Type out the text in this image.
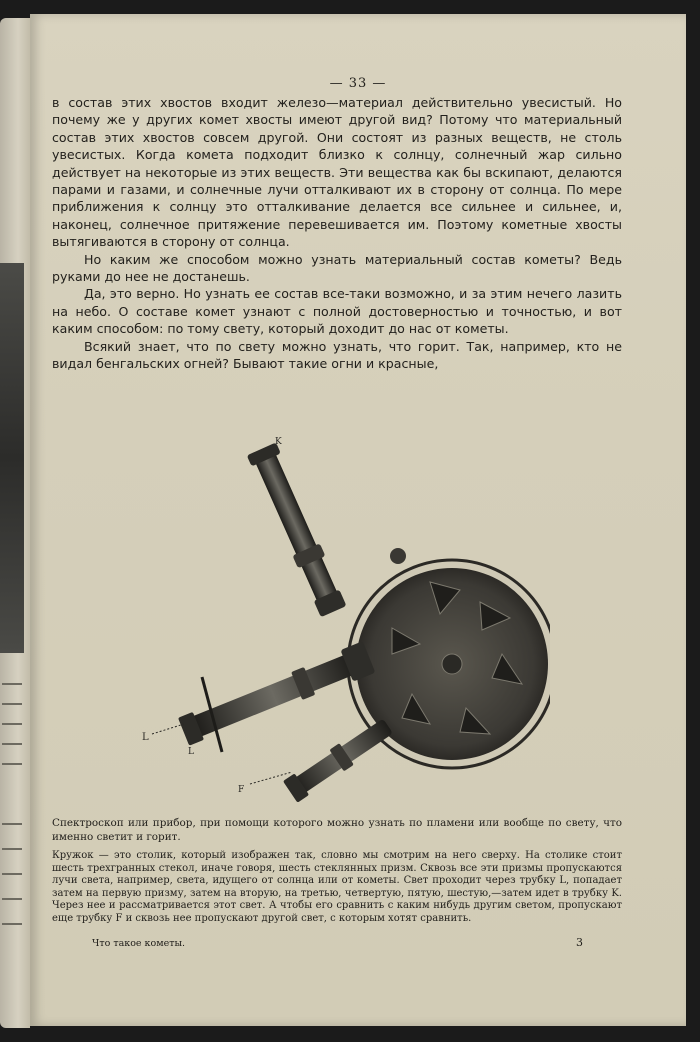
— 33 —

в состав этих хвостов входит железо—материал действительно увесистый. Но почему же у других комет хвосты имеют другой вид? Потому что материальный состав этих хвостов совсем другой. Они состоят из разных веществ, не столь увесистых. Когда комета подходит близко к солнцу, солнечный жар сильно действует на некоторые из этих веществ. Эти вещества как бы вскипают, делаются парами и газами, и солнечные лучи отталкивают их в сторону от солнца. По мере приближения к солнцу это отталкивание делается все сильнее и сильнее, и, наконец, солнечное притяжение перевешивается им. Поэтому кометные хвосты вытягиваются в сторону от солнца.

Но каким же способом можно узнать материальный состав кометы? Ведь руками до нее не достанешь.

Да, это верно. Но узнать ее состав все-таки возможно, и за этим нечего лазить на небо. О составе комет узнают с полной достоверностью и точностью, и вот каким способом: по тому свету, который доходит до нас от кометы.

Всякий знает, что по свету можно узнать, что горит. Так, например, кто не видал бенгальских огней? Бывают такие огни и красные,

K
L
L
F
Спектроскоп или прибор, при помощи которого можно узнать по пламени или вообще по свету, что именно светит и горит.
Кружок — это столик, который изображен так, словно мы смотрим на него сверху. На столике стоит шесть трехгранных стекол, иначе говоря, шесть стеклянных призм. Сквозь все эти призмы пропускаются лучи света, например, света, идущего от солнца или от кометы. Свет проходит через трубку L, попадает затем на первую призму, затем на вторую, на третью, четвертую, пятую, шестую,—затем идет в трубку K. Через нее и рассматривается этот свет. А чтобы его сравнить с каким нибудь другим светом, пропускают еще трубку F и сквозь нее пропускают другой свет, с которым хотят сравнить.
Что такое кометы.	3
